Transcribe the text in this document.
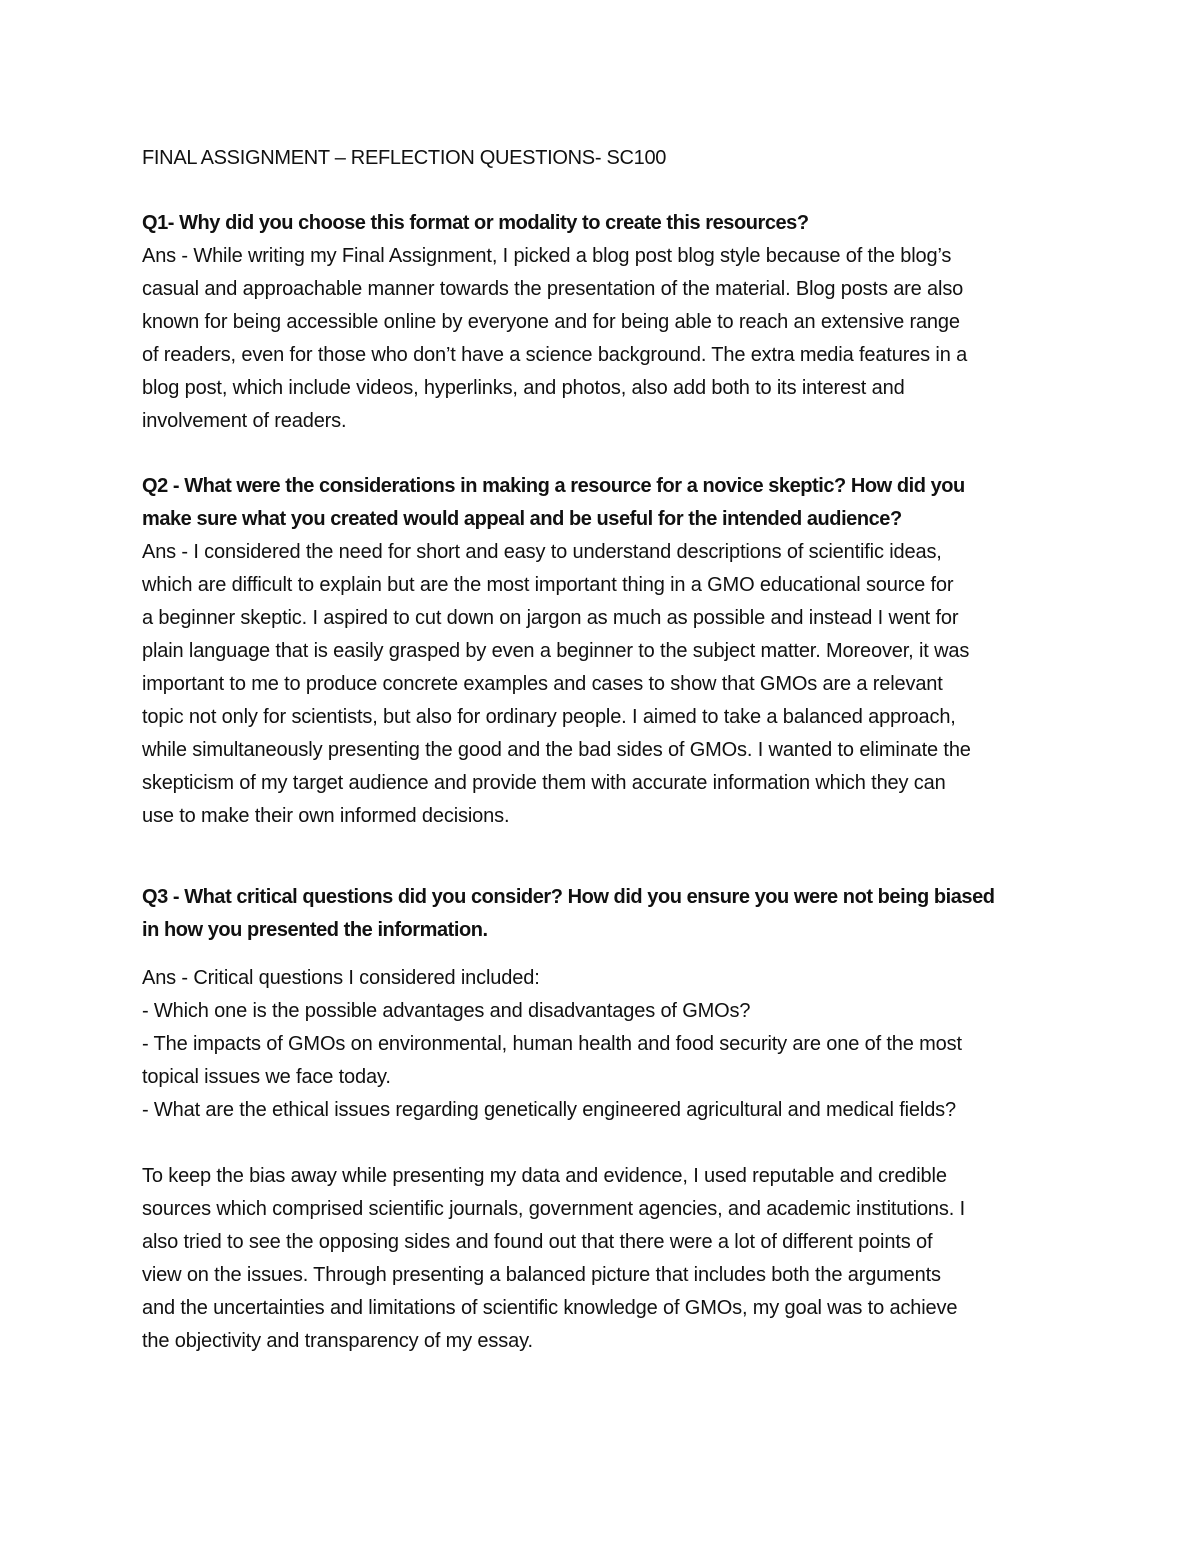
FINAL ASSIGNMENT – REFLECTION QUESTIONS- SC100
Q1- Why did you choose this format or modality to create this resources?
Ans - While writing my Final Assignment, I picked a blog post blog style because of the blog’s
casual and approachable manner towards the presentation of the material. Blog posts are also
known for being accessible online by everyone and for being able to reach an extensive range
of readers, even for those who don’t have a science background. The extra media features in a
blog post, which include videos, hyperlinks, and photos, also add both to its interest and
involvement of readers.
Q2 - What were the considerations in making a resource for a novice skeptic? How did you
make sure what you created would appeal and be useful for the intended audience?
Ans - I considered the need for short and easy to understand descriptions of scientific ideas,
which are difficult to explain but are the most important thing in a GMO educational source for
a beginner skeptic. I aspired to cut down on jargon as much as possible and instead I went for
plain language that is easily grasped by even a beginner to the subject matter. Moreover, it was
important to me to produce concrete examples and cases to show that GMOs are a relevant
topic not only for scientists, but also for ordinary people. I aimed to take a balanced approach,
while simultaneously presenting the good and the bad sides of GMOs. I wanted to eliminate the
skepticism of my target audience and provide them with accurate information which they can
use to make their own informed decisions.
Q3 - What critical questions did you consider? How did you ensure you were not being biased
in how you presented the information.
Ans - Critical questions I considered included:
- Which one is the possible advantages and disadvantages of GMOs?
- The impacts of GMOs on environmental, human health and food security are one of the most
topical issues we face today.
- What are the ethical issues regarding genetically engineered agricultural and medical fields?
To keep the bias away while presenting my data and evidence, I used reputable and credible
sources which comprised scientific journals, government agencies, and academic institutions. I
also tried to see the opposing sides and found out that there were a lot of different points of
view on the issues. Through presenting a balanced picture that includes both the arguments
and the uncertainties and limitations of scientific knowledge of GMOs, my goal was to achieve
the objectivity and transparency of my essay.
